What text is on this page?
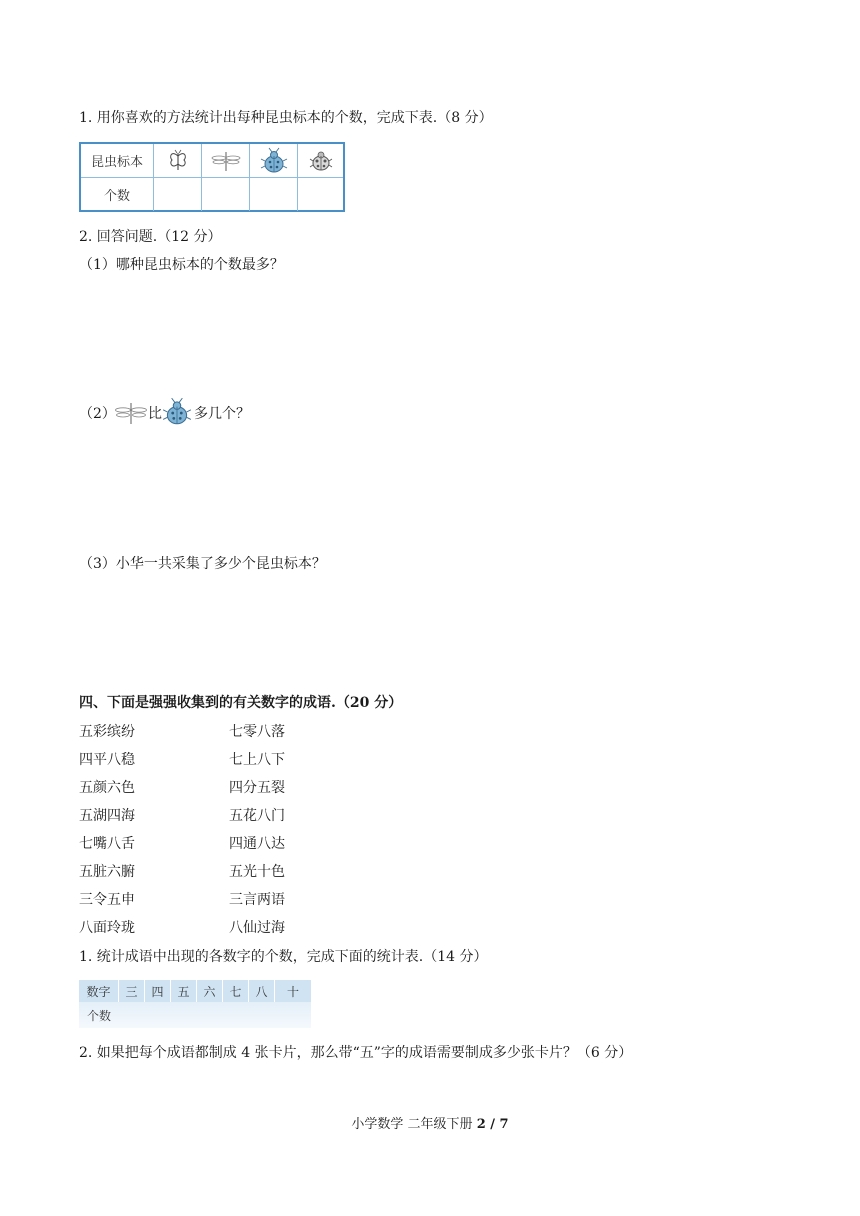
1. 用你喜欢的方法统计出每种昆虫标本的个数，完成下表.（8 分）
昆虫标本
个数
2. 回答问题.（12 分）
（1）哪种昆虫标本的个数最多？
（2） 比 多几个？
（3）小华一共采集了多少个昆虫标本？
四、下面是强强收集到的有关数字的成语.（20 分）
五彩缤纷	七零八落
四平八稳	七上八下
五颜六色	四分五裂
五湖四海	五花八门
七嘴八舌	四通八达
五脏六腑	五光十色
三令五申	三言两语
八面玲珑	八仙过海
1. 统计成语中出现的各数字的个数，完成下面的统计表.（14 分）
数字	三	四	五	六	七	八	十
个数
2. 如果把每个成语都制成 4 张卡片，那么带“五”字的成语需要制成多少张卡片？（6 分）
小学数学 二年级下册 2 / 7
